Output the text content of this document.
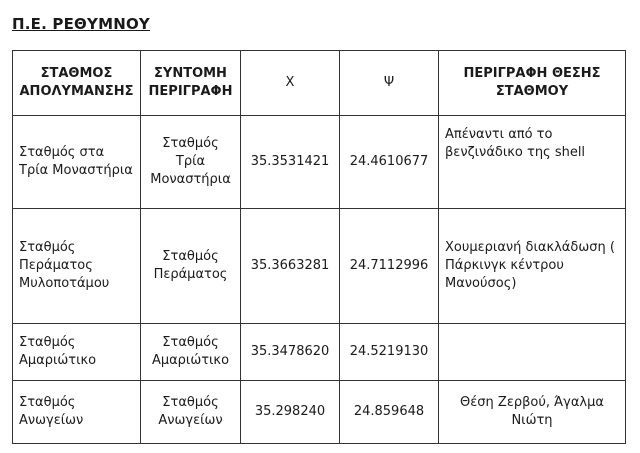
Π.Ε. ΡΕΘΥΜΝΟΥ
ΣΤΑΘΜΟΣ ΑΠΟΛΥΜΑΝΣΗΣ	ΣΥΝΤΟΜΗ ΠΕΡΙΓΡΑΦΗ	Χ	Ψ	ΠΕΡΙΓΡΑΦΗ ΘΕΣΗΣ ΣΤΑΘΜΟΥ
Σταθμός στα Τρία Μοναστήρια	Σταθμός Τρία Μοναστήρια	35.3531421	24.4610677	Απέναντι από το βενζινάδικο της shell
Σταθμός Περάματος Μυλοποτάμου	Σταθμός Περάματος	35.3663281	24.7112996	Χουμεριανή διακλάδωση ( Πάρκινγκ κέντρου Μανούσος)
Σταθμός Αμαριώτικο	Σταθμός Αμαριώτικο	35.3478620	24.5219130	
Σταθμός Ανωγείων	Σταθμός Ανωγείων	35.298240	24.859648	Θέση Ζερβού, Άγαλμα Νιώτη
